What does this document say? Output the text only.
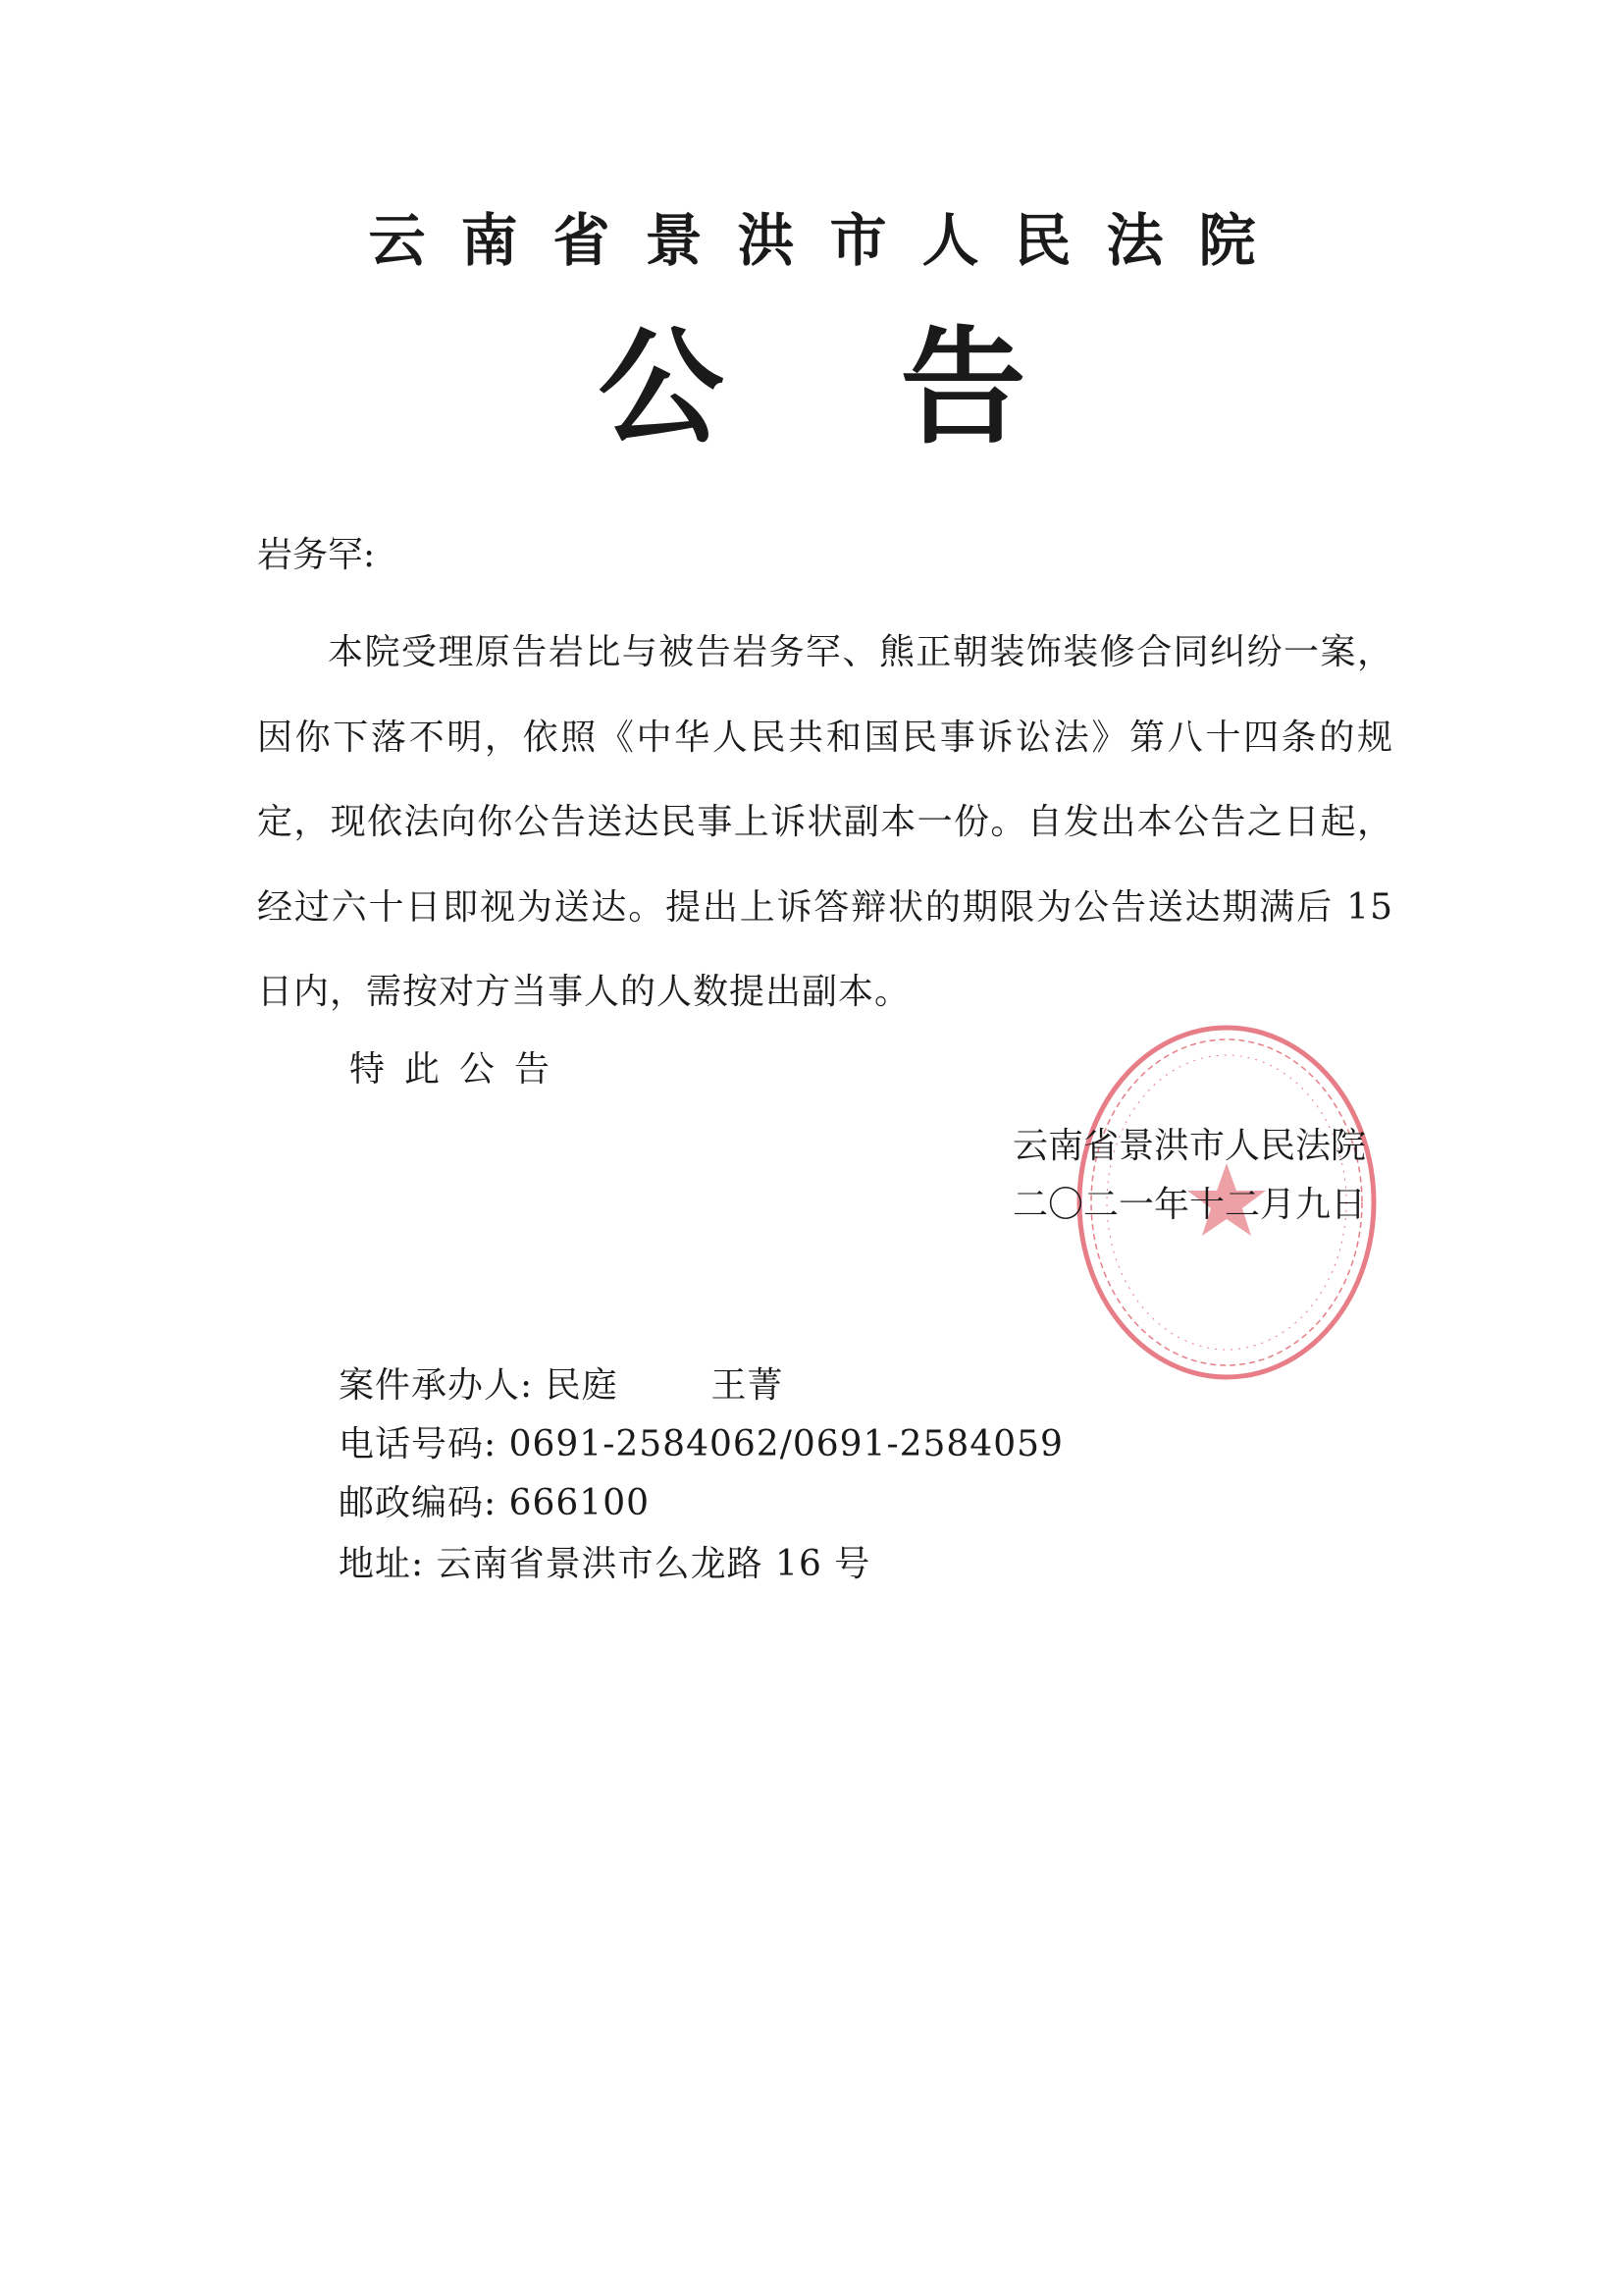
云南省景洪市人民法院
公告
岩务罕:
本院受理原告岩比与被告岩务罕、熊正朝装饰装修合同纠纷一案，因你下落不明，依照《中华人民共和国民事诉讼法》第八十四条的规定，现依法向你公告送达民事上诉状副本一份。自发出本公告之日起，经过六十日即视为送达。提出上诉答辩状的期限为公告送达期满后 15 日内，需按对方当事人的人数提出副本。
特此公告
云南省景洪市人民法院
二〇二一年十二月九日
案件承办人: 民庭	王菁
电话号码: 0691-2584062/0691-2584059
邮政编码: 666100
地址: 云南省景洪市么龙路 16 号
